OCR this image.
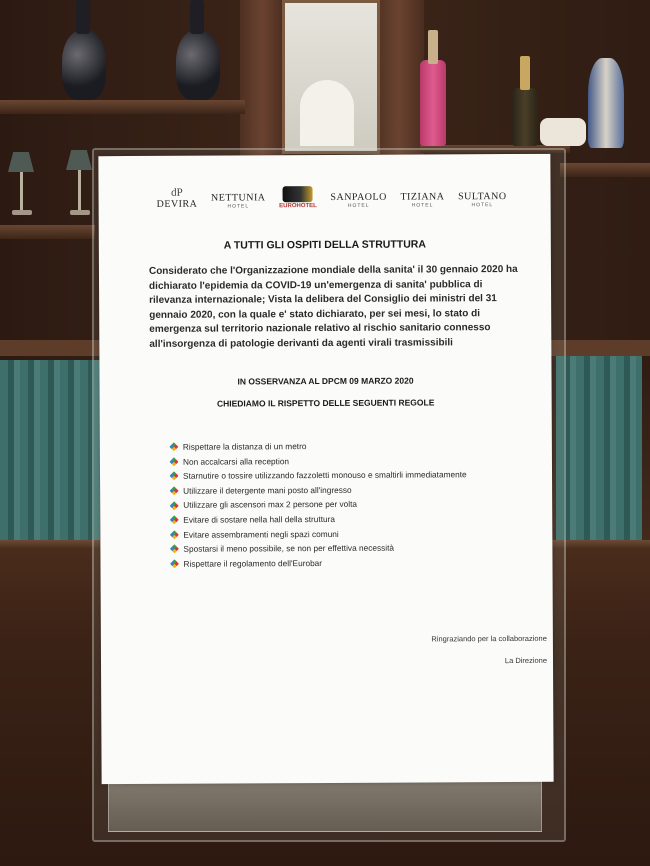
dP
DEVIRA
NETTUNIA
HOTEL	EUROHOTEL
SANPAOLO
HOTEL
TIZIANA
HOTEL
SULTANO
HOTEL
A TUTTI GLI OSPITI DELLA STRUTTURA
Considerato che l'Organizzazione mondiale della sanita' il 30 gennaio 2020 ha dichiarato l'epidemia da COVID-19 un'emergenza di sanita' pubblica di rilevanza internazionale; Vista la delibera del Consiglio dei ministri del 31 gennaio 2020, con la quale e' stato dichiarato, per sei mesi, lo stato di emergenza sul territorio nazionale relativo al rischio sanitario connesso all'insorgenza di patologie derivanti da agenti virali trasmissibili
IN OSSERVANZA AL DPCM 09 MARZO 2020
CHIEDIAMO IL RISPETTO DELLE SEGUENTI REGOLE
Rispettare la distanza di un metro
Non accalcarsi alla reception
Starnutire o tossire utilizzando fazzoletti monouso e smaltirli immediatamente
Utilizzare il detergente mani posto all'ingresso
Utilizzare gli ascensori max 2 persone per volta
Evitare di sostare nella hall della struttura
Evitare assembramenti negli spazi comuni
Spostarsi il meno possibile, se non per effettiva necessità
Rispettare il regolamento dell'Eurobar
Ringraziando per la collaborazione
La Direzione
